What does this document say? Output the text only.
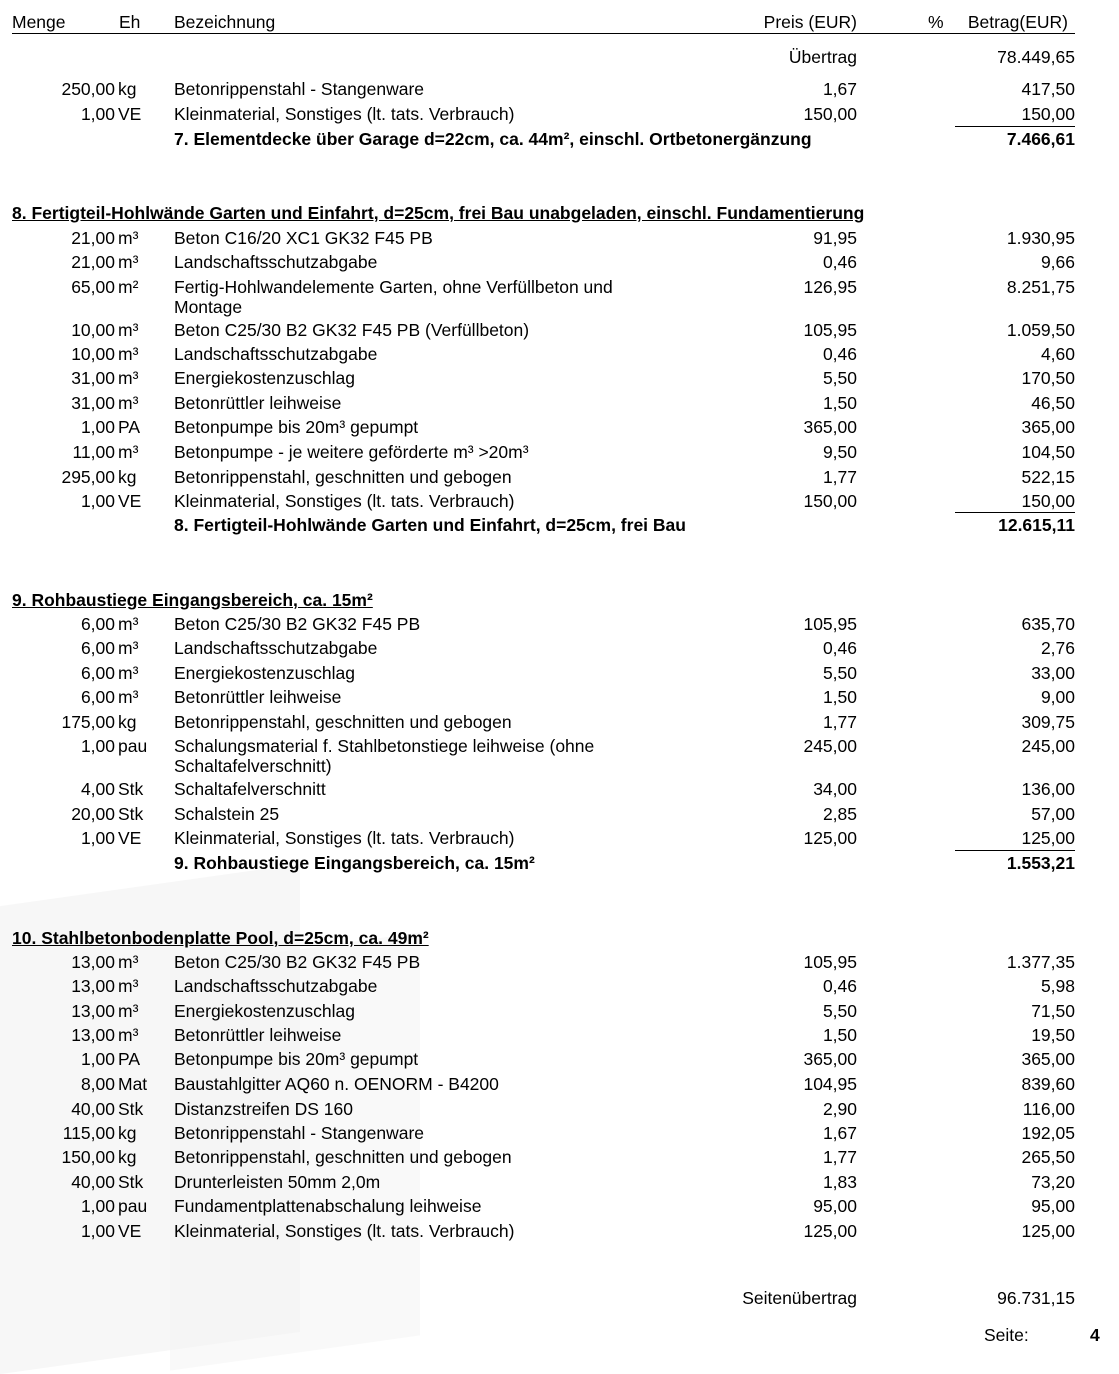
Menge	Eh Bezeichnung	Preis (EUR)	%	Betrag(EUR)
Übertrag	78.449,65
250,00 kg Betonrippenstahl - Stangenware	1,67	417,50
1,00 VE Kleinmaterial, Sonstiges (lt. tats. Verbrauch)	150,00	150,00
7. Elementdecke über Garage d=22cm, ca. 44m², einschl. Ortbetonergänzung	7.466,61
8. Fertigteil-Hohlwände Garten und Einfahrt, d=25cm, frei Bau unabgeladen, einschl. Fundamentierung
21,00 m³ Beton C16/20 XC1 GK32 F45 PB	91,95	1.930,95
21,00 m³ Landschaftsschutzabgabe	0,46	9,66
65,00 m² Fertig-Hohlwandelemente Garten, ohne Verfüllbeton und
Montage
126,95	8.251,75
10,00 m³ Beton C25/30 B2 GK32 F45 PB (Verfüllbeton)	105,95	1.059,50
10,00 m³ Landschaftsschutzabgabe	0,46	4,60
31,00 m³ Energiekostenzuschlag	5,50	170,50
31,00 m³ Betonrüttler leihweise	1,50	46,50
1,00 PA Betonpumpe bis 20m³ gepumpt	365,00	365,00
11,00 m³ Betonpumpe - je weitere geförderte m³ >20m³	9,50	104,50
295,00 kg Betonrippenstahl, geschnitten und gebogen	1,77	522,15
1,00 VE Kleinmaterial, Sonstiges (lt. tats. Verbrauch)	150,00	150,00
8. Fertigteil-Hohlwände Garten und Einfahrt, d=25cm, frei Bau	12.615,11
9. Rohbaustiege Eingangsbereich, ca. 15m²
6,00 m³ Beton C25/30 B2 GK32 F45 PB	105,95	635,70
6,00 m³ Landschaftsschutzabgabe	0,46	2,76
6,00 m³ Energiekostenzuschlag	5,50	33,00
6,00 m³ Betonrüttler leihweise	1,50	9,00
175,00 kg Betonrippenstahl, geschnitten und gebogen	1,77	309,75
1,00 pau Schalungsmaterial f. Stahlbetonstiege leihweise (ohne
Schaltafelverschnitt)
245,00	245,00
4,00 Stk Schaltafelverschnitt	34,00	136,00
20,00 Stk Schalstein 25	2,85	57,00
1,00 VE Kleinmaterial, Sonstiges (lt. tats. Verbrauch)	125,00	125,00
9. Rohbaustiege Eingangsbereich, ca. 15m²	1.553,21
10. Stahlbetonbodenplatte Pool, d=25cm, ca. 49m²
13,00 m³ Beton C25/30 B2 GK32 F45 PB	105,95	1.377,35
13,00 m³ Landschaftsschutzabgabe	0,46	5,98
13,00 m³ Energiekostenzuschlag	5,50	71,50
13,00 m³ Betonrüttler leihweise	1,50	19,50
1,00 PA Betonpumpe bis 20m³ gepumpt	365,00	365,00
8,00 Mat Baustahlgitter AQ60 n. OENORM - B4200	104,95	839,60
40,00 Stk Distanzstreifen DS 160	2,90	116,00
115,00 kg Betonrippenstahl - Stangenware	1,67	192,05
150,00 kg Betonrippenstahl, geschnitten und gebogen	1,77	265,50
40,00 Stk Drunterleisten 50mm 2,0m	1,83	73,20
1,00 pau Fundamentplattenabschalung leihweise	95,00	95,00
1,00 VE Kleinmaterial, Sonstiges (lt. tats. Verbrauch)	125,00	125,00
Seitenübertrag	96.731,15
Seite:	4
